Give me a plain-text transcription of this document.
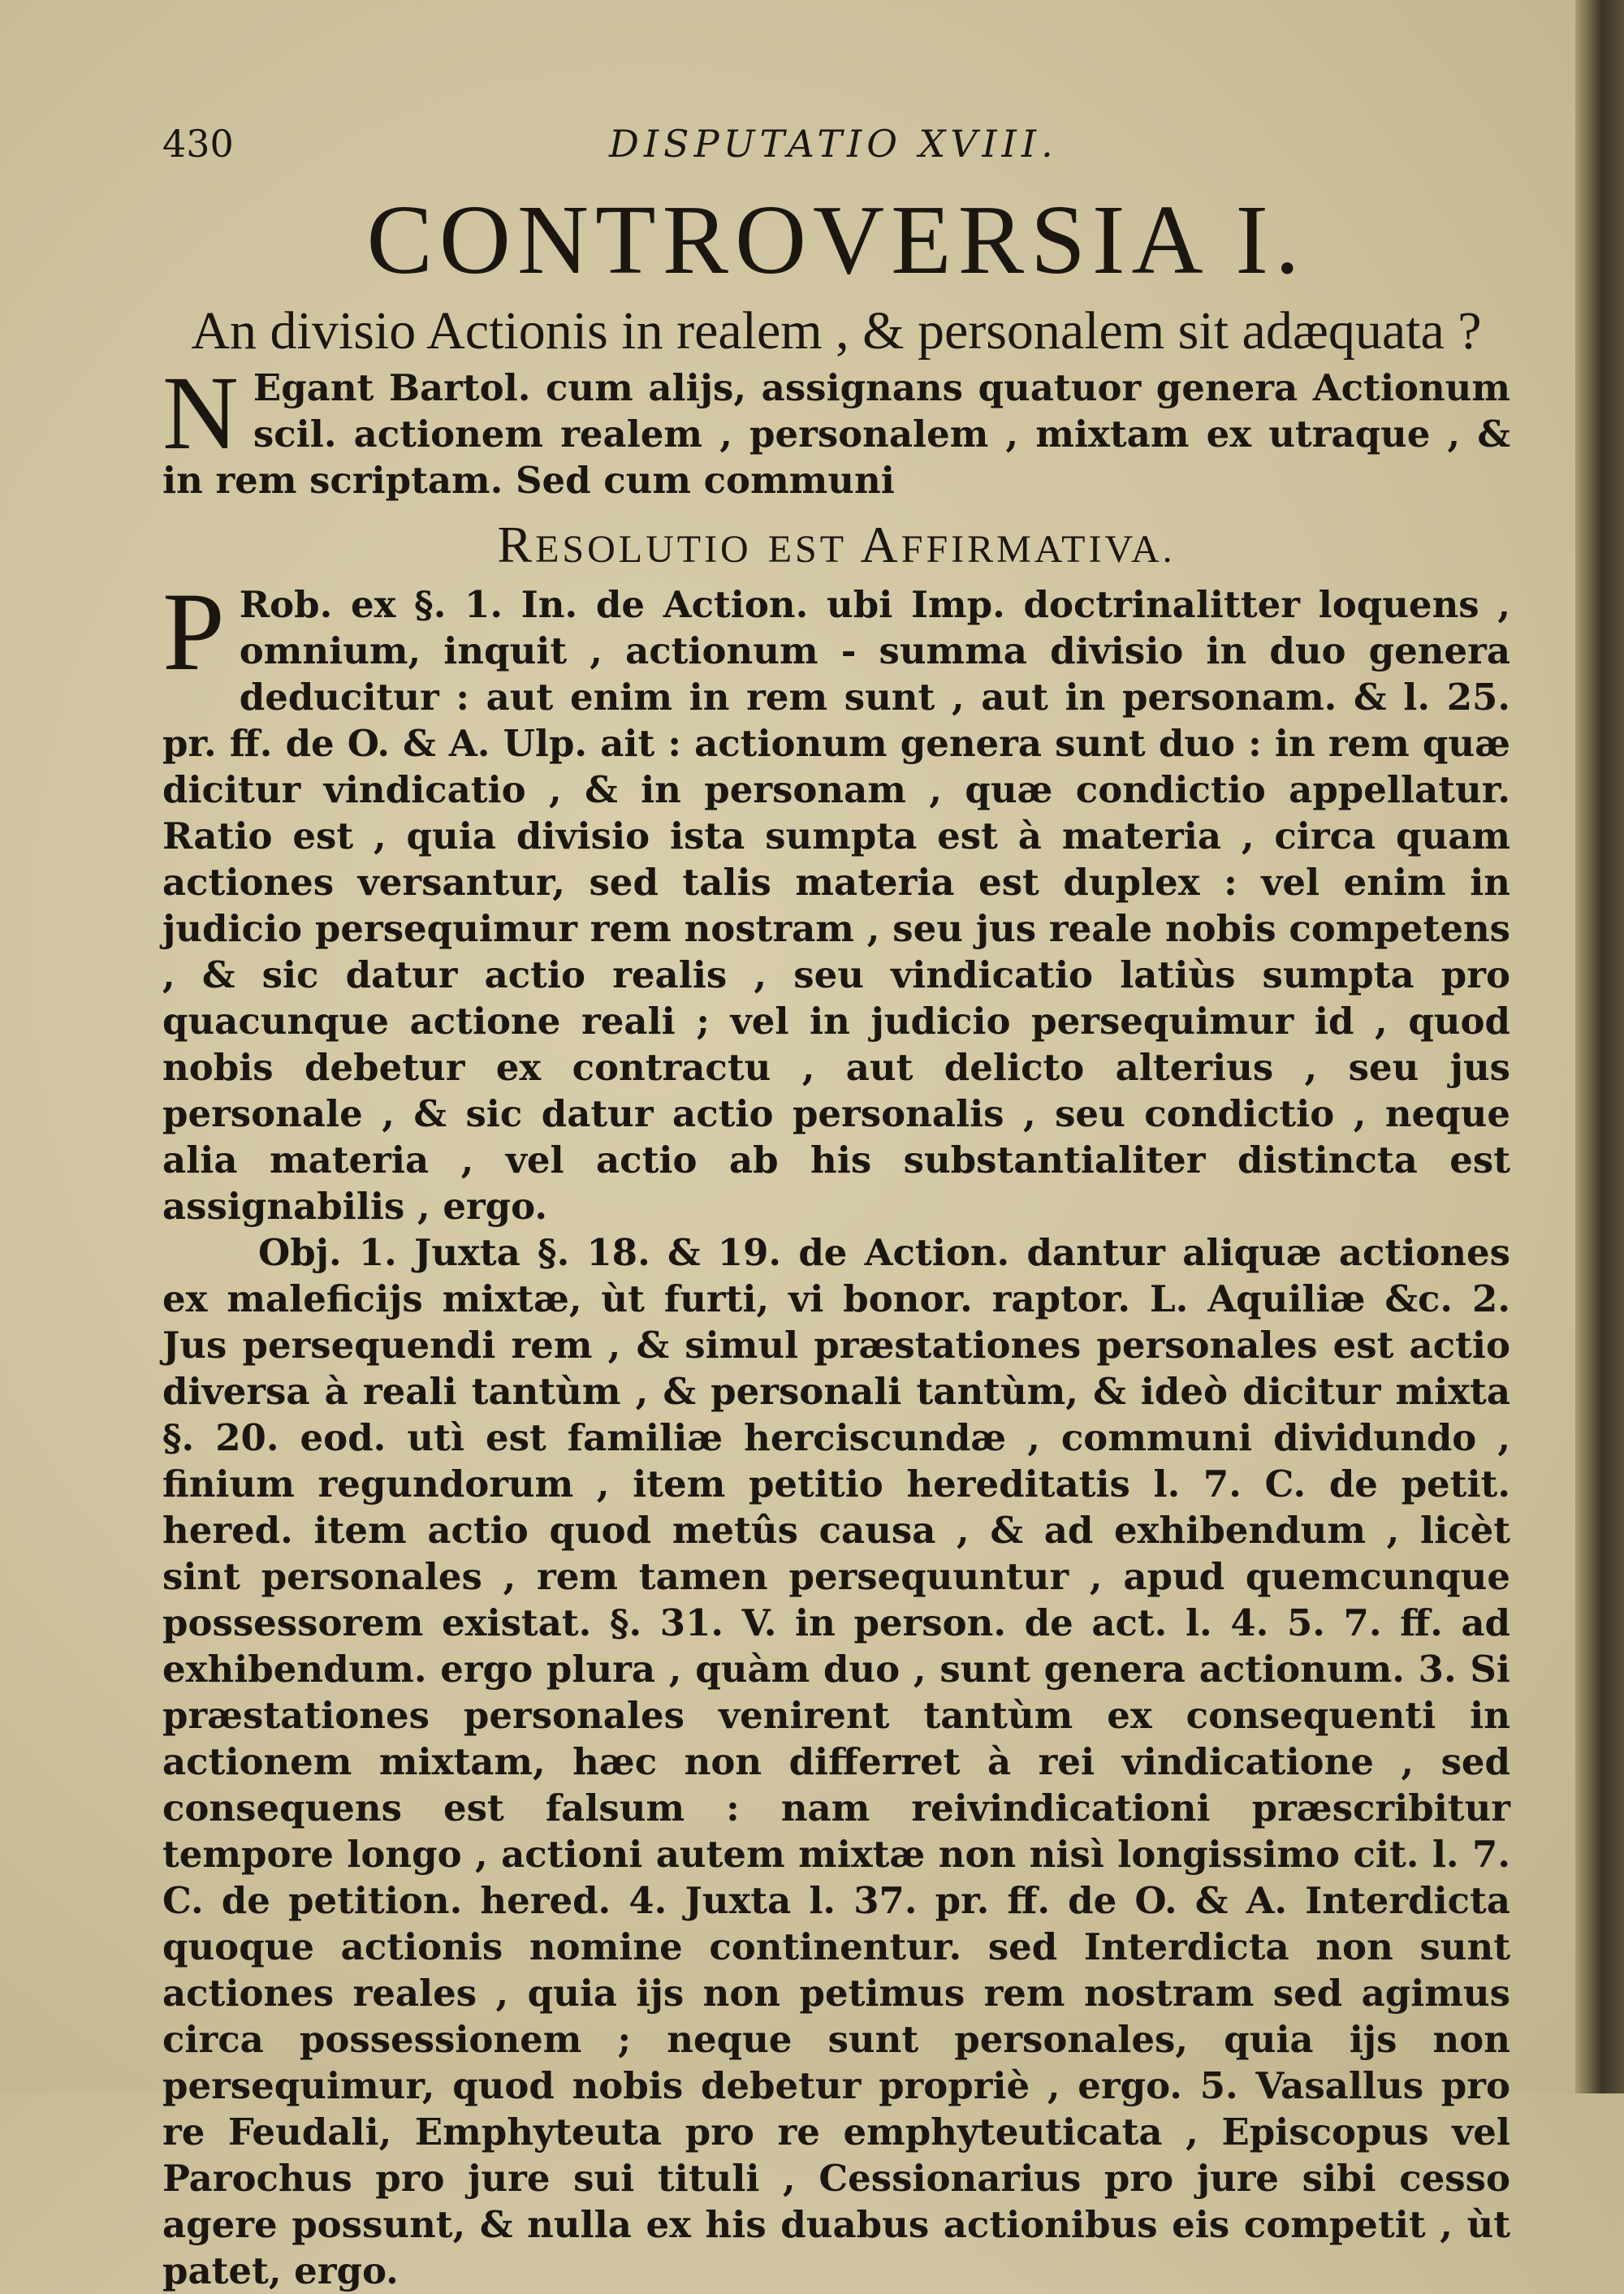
430	DISPUTATIO XVIII.
CONTROVERSIA I.
An divisio Actionis in realem , & personalem sit adæquata ?

N Egant Bartol. cum alijs, assignans quatuor genera Actionum scil. actionem realem , personalem , mixtam ex utraque , & in rem scriptam. Sed cum communi

RESOLUTIO EST AFFIRMATIVA.

P Rob. ex §. 1. In. de Action. ubi Imp. doctrinalitter loquens , omnium, inquit , actionum - summa divisio in duo genera deducitur : aut enim in rem sunt , aut in personam. & l. 25. pr. ff. de O. & A. Ulp. ait : actionum genera sunt duo : in rem quæ dicitur vindicatio , & in personam , quæ condictio appellatur. Ratio est , quia divisio ista sumpta est à materia , circa quam actiones versantur, sed talis materia est duplex : vel enim in judicio persequimur rem nostram , seu jus reale nobis competens , & sic datur actio realis , seu vindicatio latiùs sumpta pro quacunque actione reali ; vel in judicio persequimur id , quod nobis debetur ex contractu , aut delicto alterius , seu jus personale , & sic datur actio personalis , seu condictio , neque alia materia , vel actio ab his substantialiter distincta est assignabilis , ergo.

Obj. 1. Juxta §. 18. & 19. de Action. dantur aliquæ actiones ex maleficijs mixtæ, ùt furti, vi bonor. raptor. L. Aquiliæ &c. 2. Jus persequendi rem , & simul præstationes personales est actio diversa à reali tantùm , & personali tantùm, & ideò dicitur mixta §. 20. eod. utì est familiæ herciscundæ , communi dividundo , finium regundorum , item petitio hereditatis l. 7. C. de petit. hered. item actio quod metûs causa , & ad exhibendum , licèt sint personales , rem tamen persequuntur , apud quemcunque possessorem existat. §. 31. V. in person. de act. l. 4. 5. 7. ff. ad exhibendum. ergo plura , quàm duo , sunt genera actionum. 3. Si præstationes personales venirent tantùm ex consequenti in actionem mixtam, hæc non differret à rei vindicatione , sed consequens est falsum : nam reivindicationi præscribitur tempore longo , actioni autem mixtæ non nisì longissimo cit. l. 7. C. de petition. hered. 4. Juxta l. 37. pr. ff. de O. & A. Interdicta quoque actionis nomine continentur. sed Interdicta non sunt actiones reales , quia ijs non petimus rem nostram sed agimus circa possessionem ; neque sunt personales, quia ijs non persequimur, quod nobis debetur propriè , ergo. 5. Vasallus pro re Feudali, Emphyteuta pro re emphyteuticata , Episcopus vel Parochus pro jure sui tituli , Cessionarius pro jure sibi cesso agere possunt, & nulla ex his duabus actionibus eis competit , ùt patet, ergo.
